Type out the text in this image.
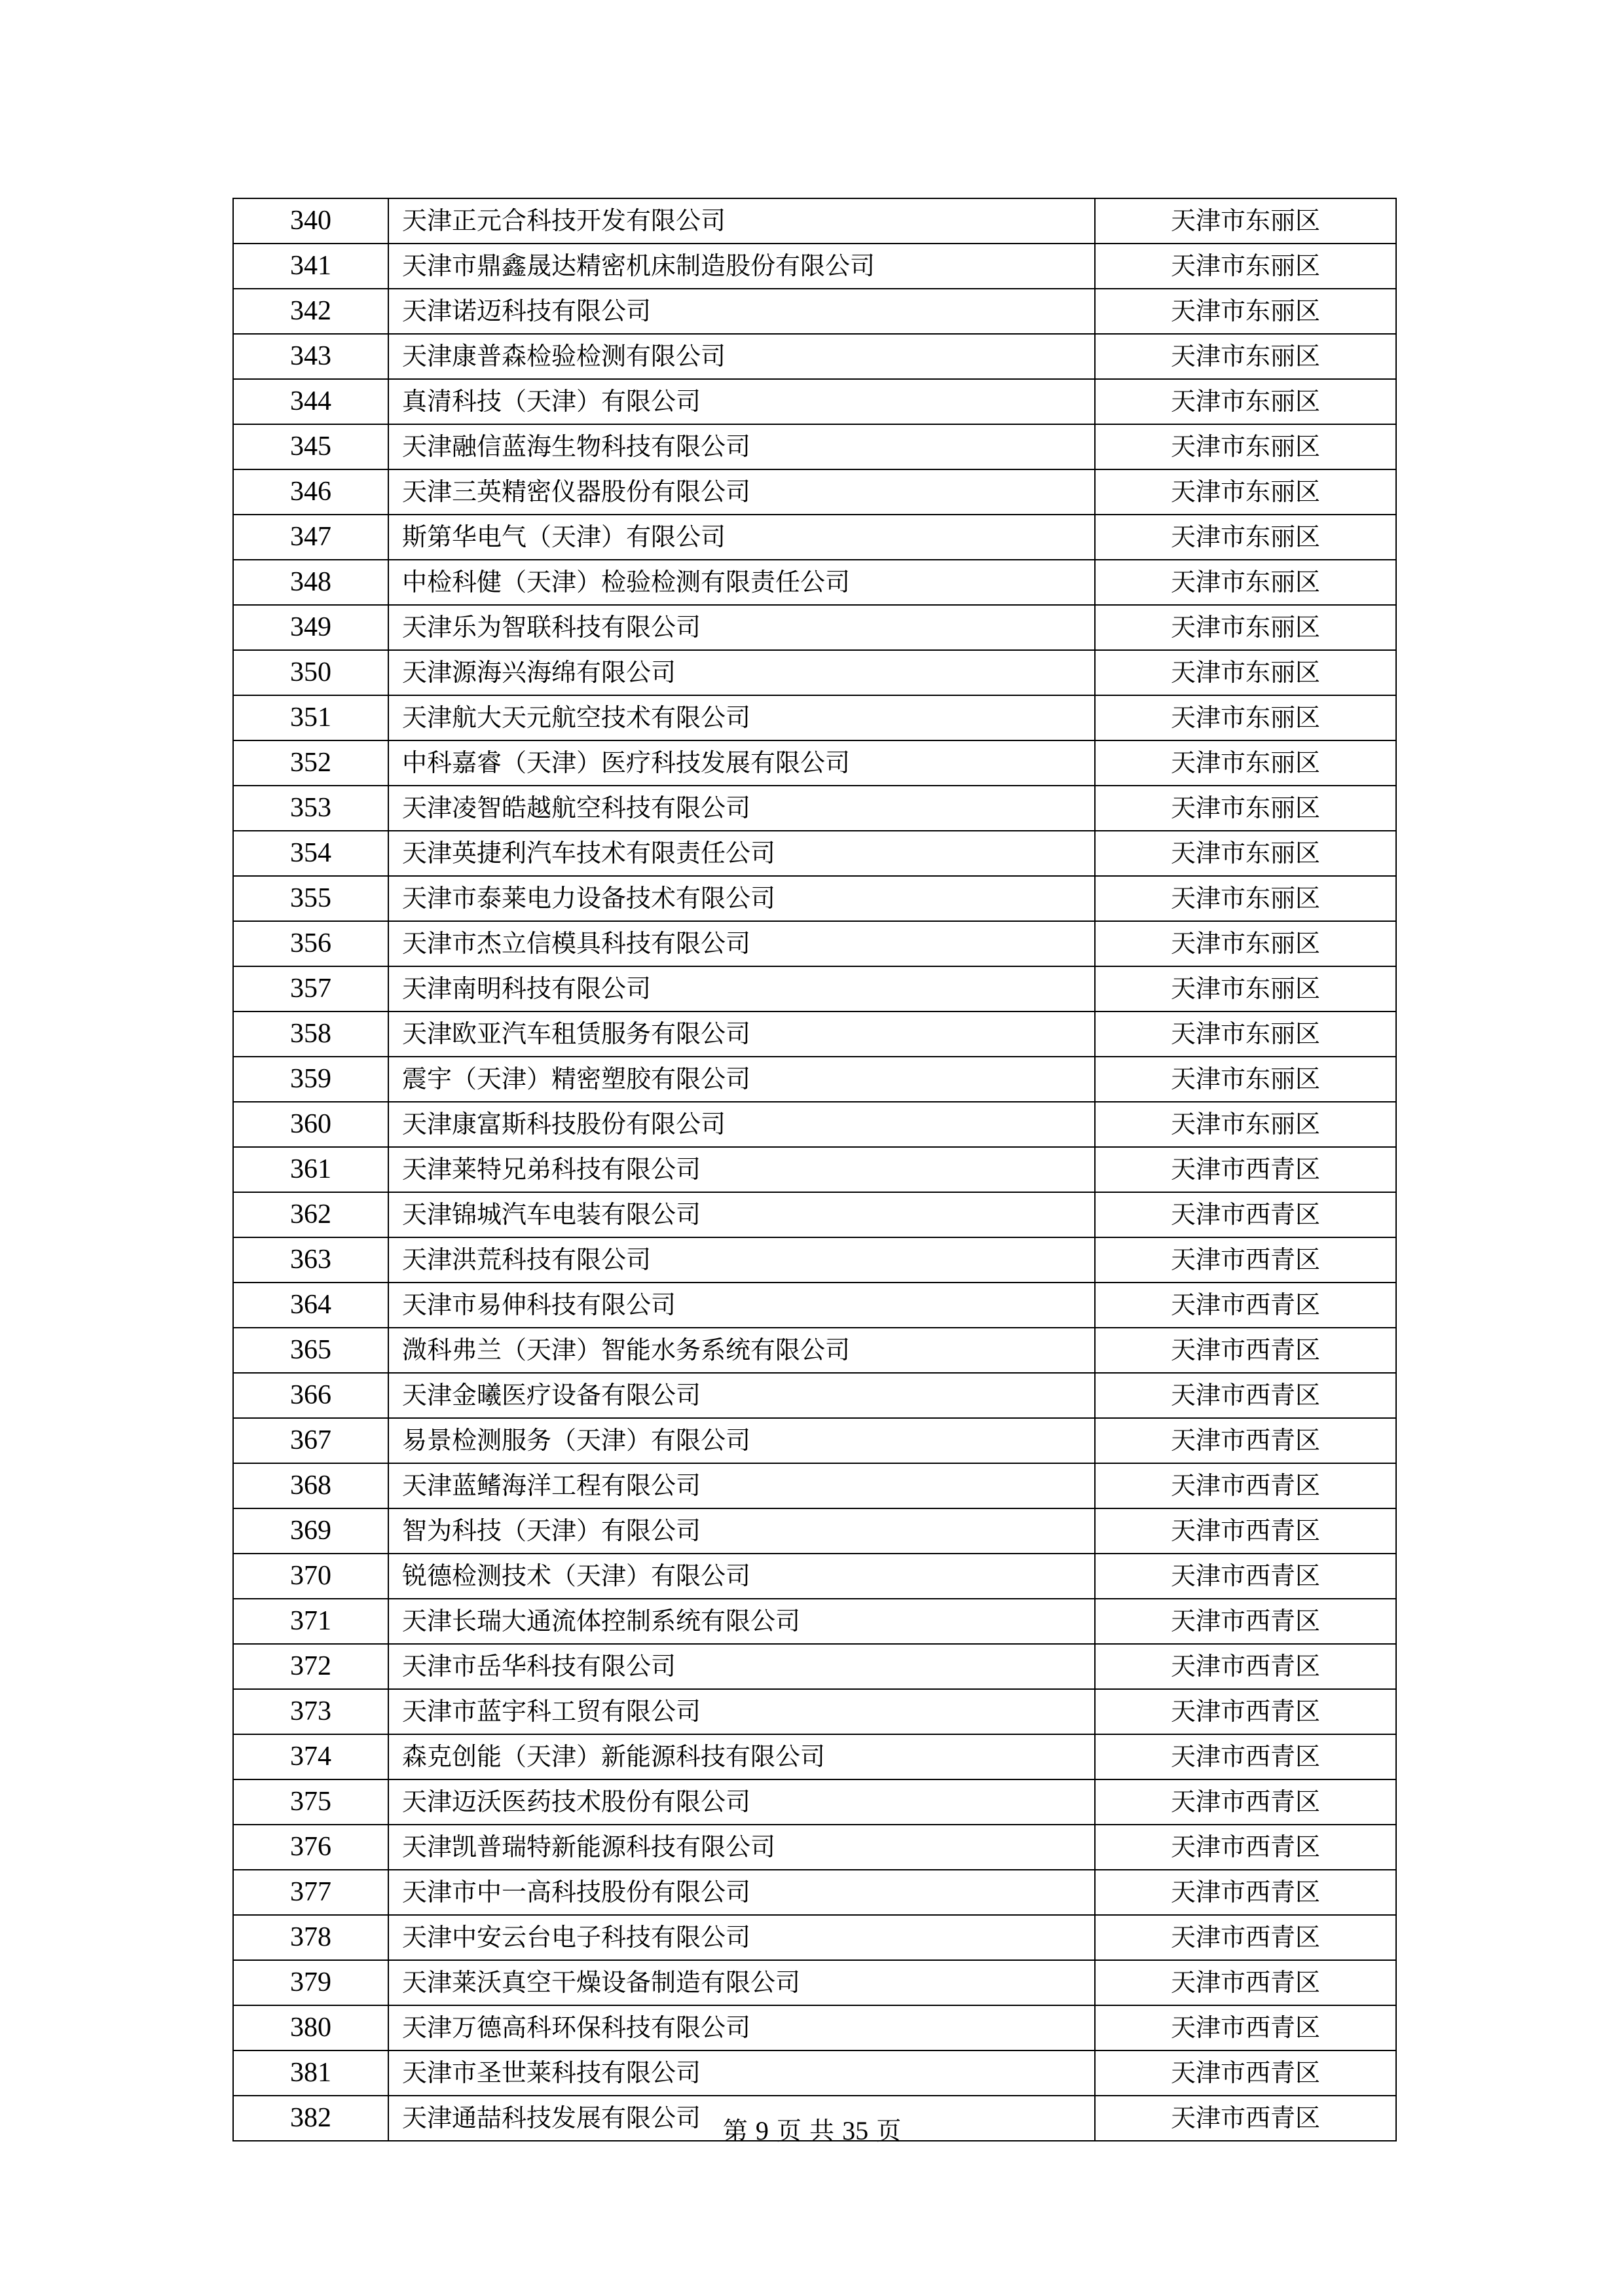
340	天津正元合科技开发有限公司	天津市东丽区
341	天津市鼎鑫晟达精密机床制造股份有限公司	天津市东丽区
342	天津诺迈科技有限公司	天津市东丽区
343	天津康普森检验检测有限公司	天津市东丽区
344	真清科技（天津）有限公司	天津市东丽区
345	天津融信蓝海生物科技有限公司	天津市东丽区
346	天津三英精密仪器股份有限公司	天津市东丽区
347	斯第华电气（天津）有限公司	天津市东丽区
348	中检科健（天津）检验检测有限责任公司	天津市东丽区
349	天津乐为智联科技有限公司	天津市东丽区
350	天津源海兴海绵有限公司	天津市东丽区
351	天津航大天元航空技术有限公司	天津市东丽区
352	中科嘉睿（天津）医疗科技发展有限公司	天津市东丽区
353	天津凌智皓越航空科技有限公司	天津市东丽区
354	天津英捷利汽车技术有限责任公司	天津市东丽区
355	天津市泰莱电力设备技术有限公司	天津市东丽区
356	天津市杰立信模具科技有限公司	天津市东丽区
357	天津南明科技有限公司	天津市东丽区
358	天津欧亚汽车租赁服务有限公司	天津市东丽区
359	震宇（天津）精密塑胶有限公司	天津市东丽区
360	天津康富斯科技股份有限公司	天津市东丽区
361	天津莱特兄弟科技有限公司	天津市西青区
362	天津锦城汽车电装有限公司	天津市西青区
363	天津洪荒科技有限公司	天津市西青区
364	天津市易伸科技有限公司	天津市西青区
365	溦科弗兰（天津）智能水务系统有限公司	天津市西青区
366	天津金曦医疗设备有限公司	天津市西青区
367	易景检测服务（天津）有限公司	天津市西青区
368	天津蓝鳍海洋工程有限公司	天津市西青区
369	智为科技（天津）有限公司	天津市西青区
370	锐德检测技术（天津）有限公司	天津市西青区
371	天津长瑞大通流体控制系统有限公司	天津市西青区
372	天津市岳华科技有限公司	天津市西青区
373	天津市蓝宇科工贸有限公司	天津市西青区
374	森克创能（天津）新能源科技有限公司	天津市西青区
375	天津迈沃医药技术股份有限公司	天津市西青区
376	天津凯普瑞特新能源科技有限公司	天津市西青区
377	天津市中一高科技股份有限公司	天津市西青区
378	天津中安云台电子科技有限公司	天津市西青区
379	天津莱沃真空干燥设备制造有限公司	天津市西青区
380	天津万德高科环保科技有限公司	天津市西青区
381	天津市圣世莱科技有限公司	天津市西青区
382	天津通喆科技发展有限公司	天津市西青区
第 9 页 共 35 页
